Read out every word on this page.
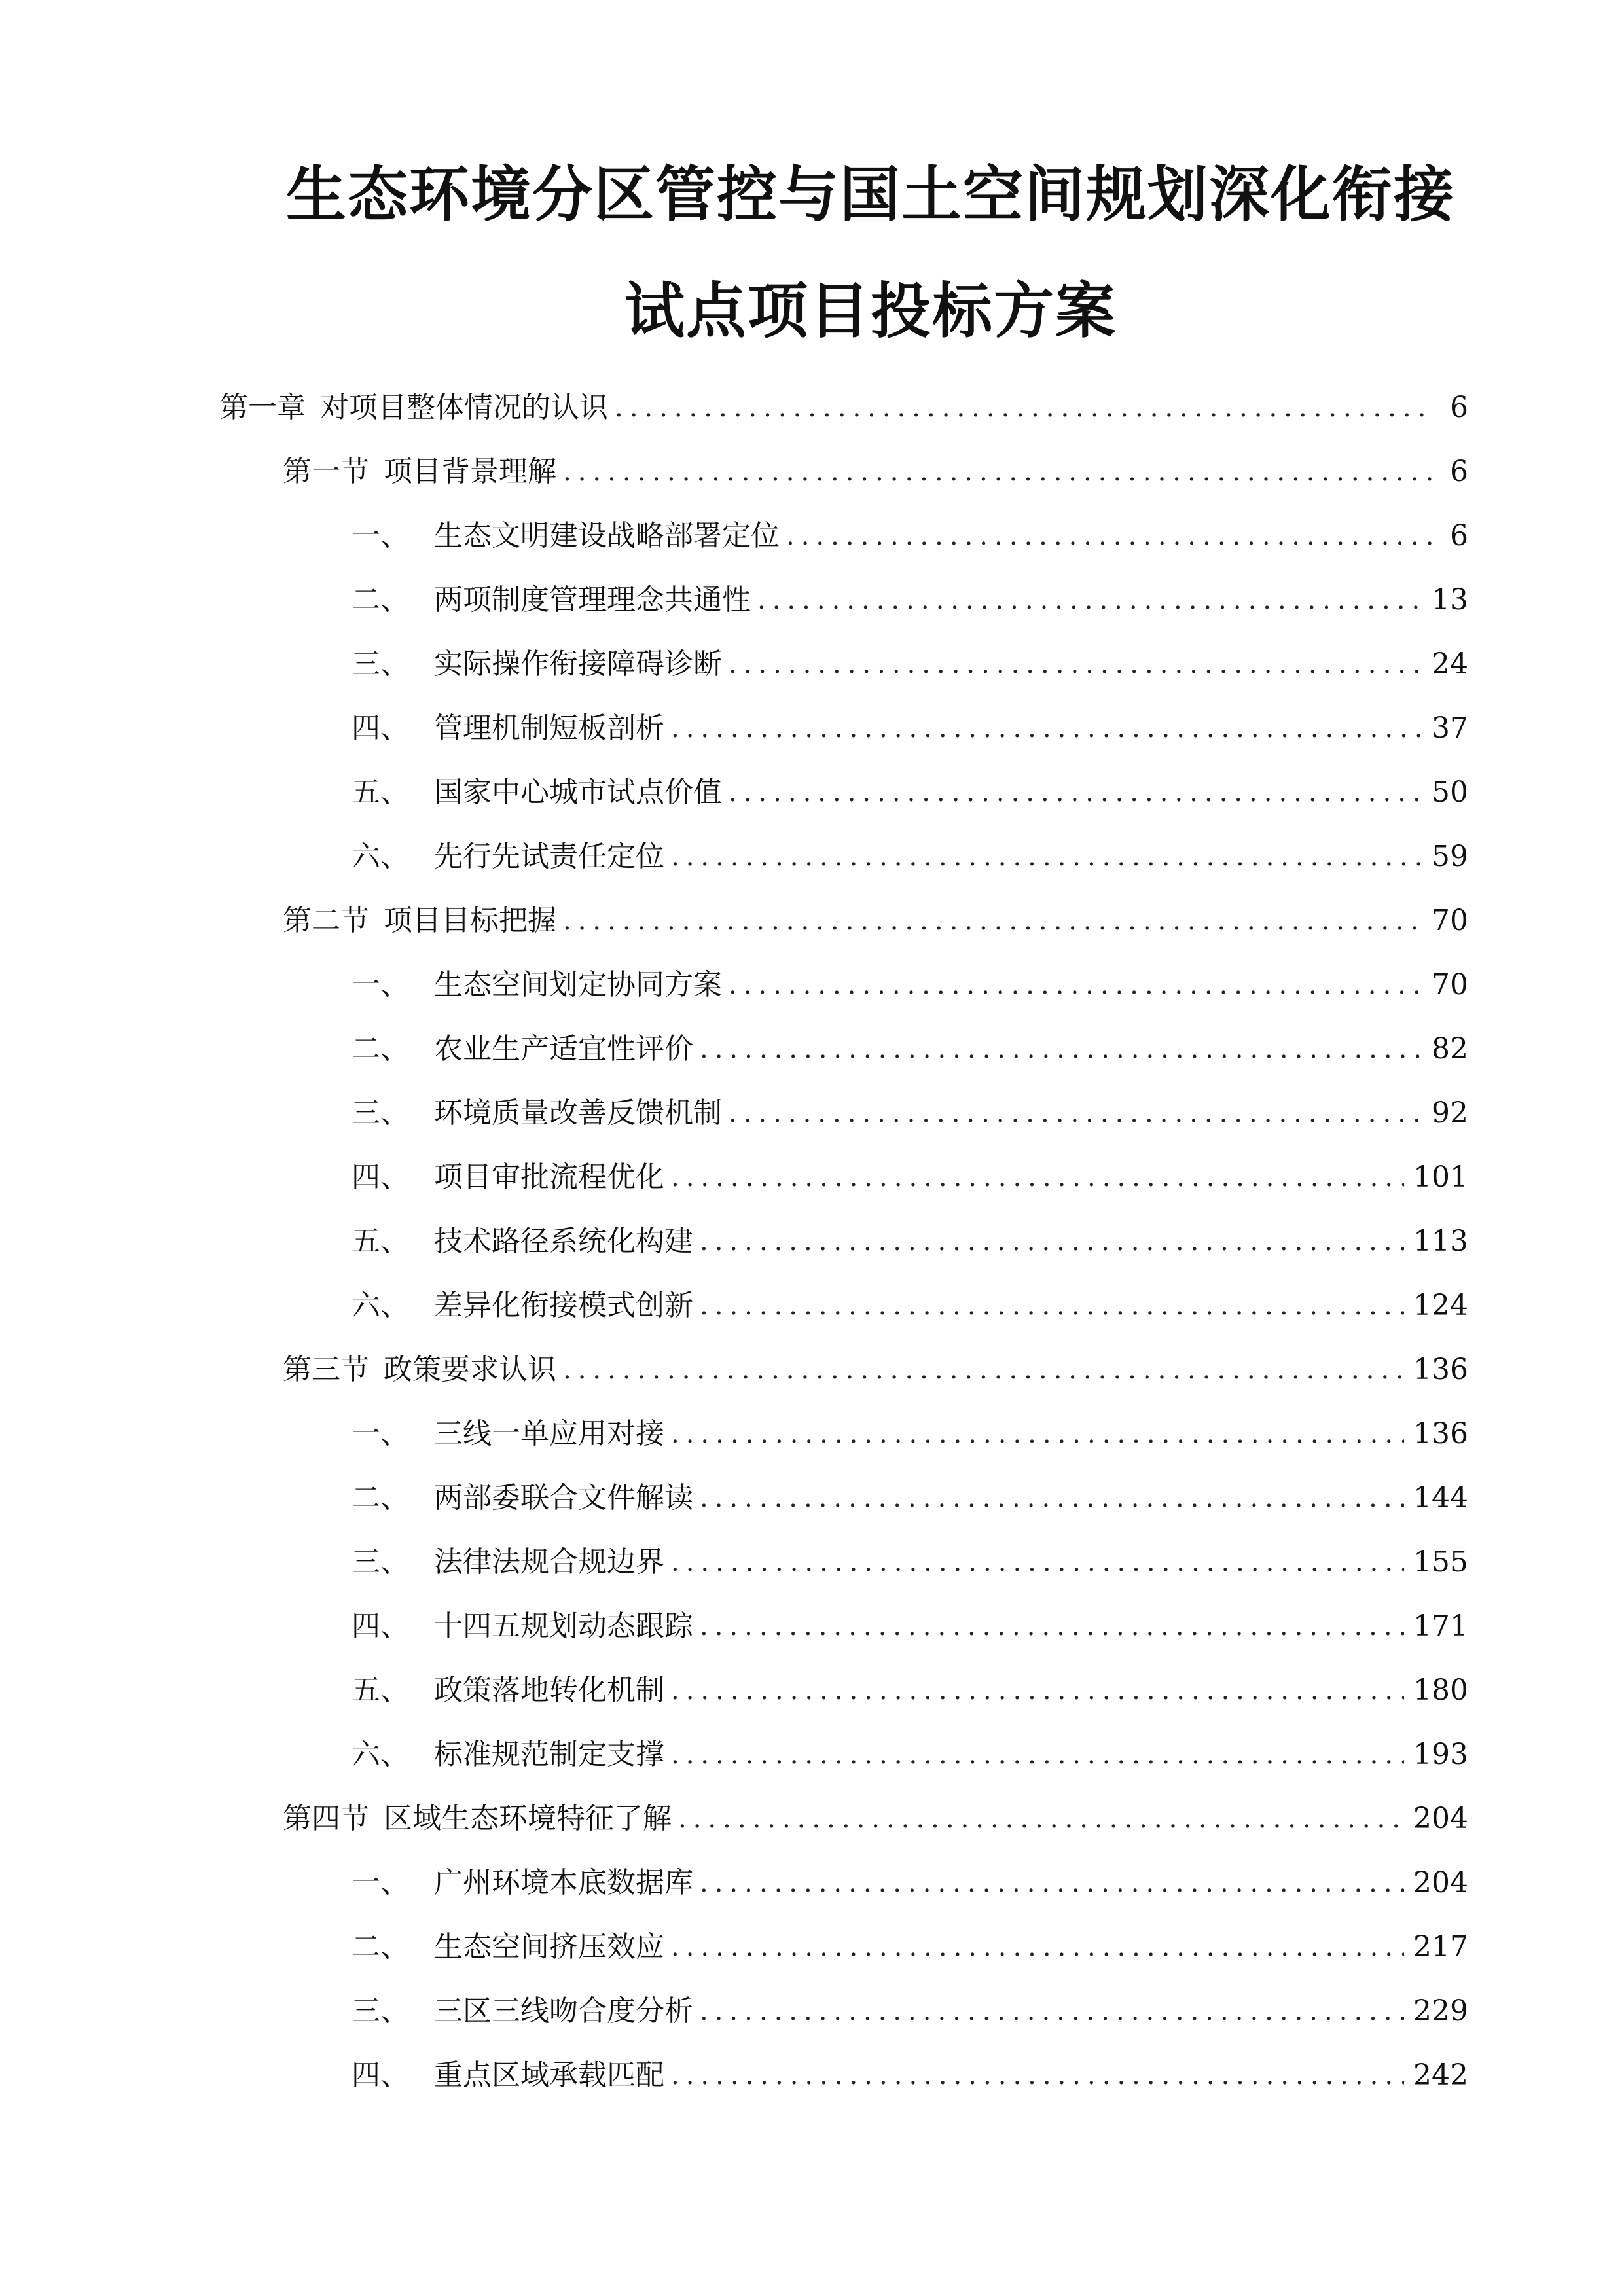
生态环境分区管控与国土空间规划深化衔接
试点项目投标方案
第一章 对项目整体情况的认识 .....	6
第一节 项目背景理解 .....	6
一、 生态文明建设战略部署定位 .....	6
二、 两项制度管理理念共通性 .....	13
三、 实际操作衔接障碍诊断 .....	24
四、 管理机制短板剖析 .....	37
五、 国家中心城市试点价值 .....	50
六、 先行先试责任定位 .....	59
第二节 项目目标把握 .....	70
一、 生态空间划定协同方案 .....	70
二、 农业生产适宜性评价 .....	82
三、 环境质量改善反馈机制 .....	92
四、 项目审批流程优化 .....	101
五、 技术路径系统化构建 .....	113
六、 差异化衔接模式创新 .....	124
第三节 政策要求认识 .....	136
一、 三线一单应用对接 .....	136
二、 两部委联合文件解读 .....	144
三、 法律法规合规边界 .....	155
四、 十四五规划动态跟踪 .....	171
五、 政策落地转化机制 .....	180
六、 标准规范制定支撑 .....	193
第四节 区域生态环境特征了解 .....	204
一、 广州环境本底数据库 .....	204
二、 生态空间挤压效应 .....	217
三、 三区三线吻合度分析 .....	229
四、 重点区域承载匹配 .....	242
